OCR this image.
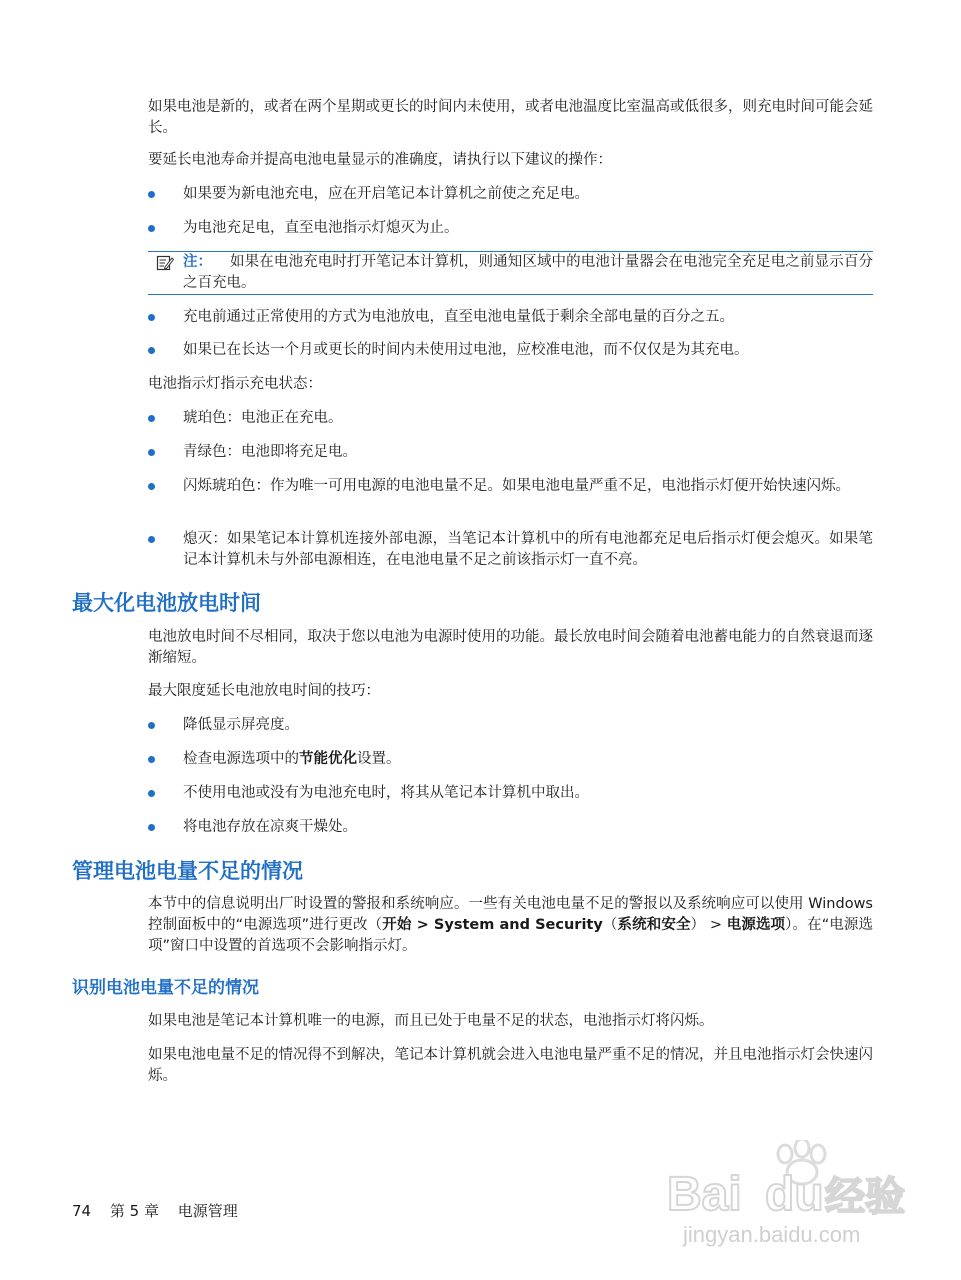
如果电池是新的，或者在两个星期或更长的时间内未使用，或者电池温度比室温高或低很多，则充电时间可能会延长。

要延长电池寿命并提高电池电量显示的准确度，请执行以下建议的操作：

如果要为新电池充电，应在开启笔记本计算机之前使之充足电。
为电池充足电，直至电池指示灯熄灭为止。
注：	如果在电池充电时打开笔记本计算机，则通知区域中的电池计量器会在电池完全充足电之前显示百分之百充电。
充电前通过正常使用的方式为电池放电，直至电池电量低于剩余全部电量的百分之五。
如果已在长达一个月或更长的时间内未使用过电池，应校准电池，而不仅仅是为其充电。

电池指示灯指示充电状态：

琥珀色：电池正在充电。
青绿色：电池即将充足电。
闪烁琥珀色：作为唯一可用电源的电池电量不足。如果电池电量严重不足，电池指示灯便开始快速闪烁。
熄灭：如果笔记本计算机连接外部电源，当笔记本计算机中的所有电池都充足电后指示灯便会熄灭。如果笔记本计算机未与外部电源相连，在电池电量不足之前该指示灯一直不亮。
最大化电池放电时间

电池放电时间不尽相同，取决于您以电池为电源时使用的功能。最长放电时间会随着电池蓄电能力的自然衰退而逐渐缩短。

最大限度延长电池放电时间的技巧：

降低显示屏亮度。
检查电源选项中的节能优化设置。
不使用电池或没有为电池充电时，将其从笔记本计算机中取出。
将电池存放在凉爽干燥处。
管理电池电量不足的情况

本节中的信息说明出厂时设置的警报和系统响应。一些有关电池电量不足的警报以及系统响应可以使用 Windows 控制面板中的“电源选项”进行更改（开始 > System and Security（系统和安全） > 电源选项）。在“电源选项”窗口中设置的首选项不会影响指示灯。

识别电池电量不足的情况

如果电池是笔记本计算机唯一的电源，而且已处于电量不足的状态，电池指示灯将闪烁。

如果电池电量不足的情况得不到解决，笔记本计算机就会进入电池电量严重不足的情况，并且电池指示灯会快速闪烁。

74 第 5 章 电源管理	Bai du 经验
jingyan.baidu.com
